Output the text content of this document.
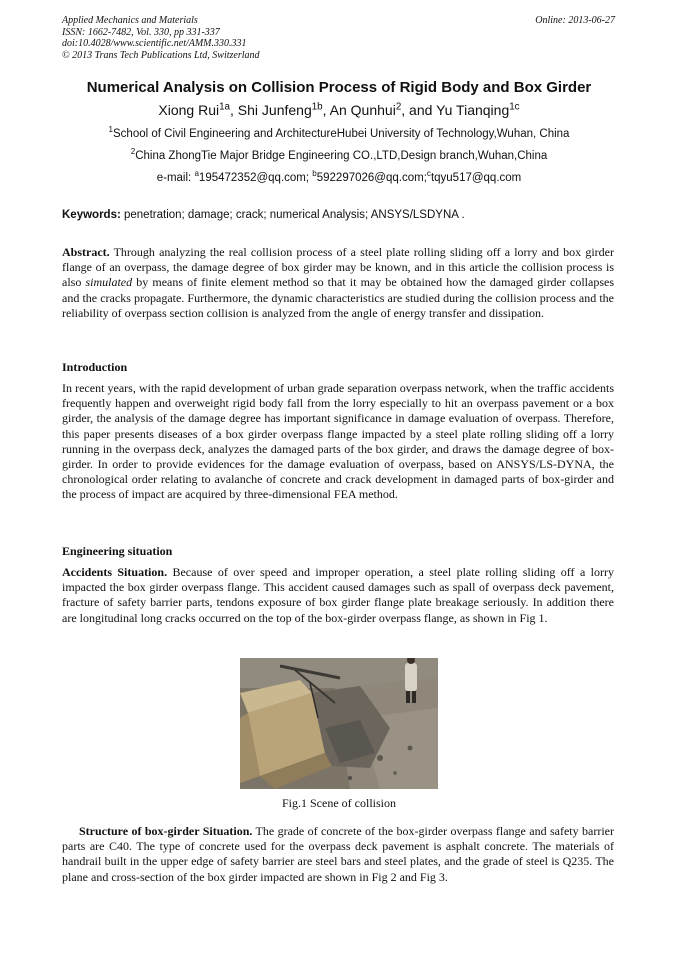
Applied Mechanics and Materials
ISSN: 1662-7482, Vol. 330, pp 331-337
doi:10.4028/www.scientific.net/AMM.330.331
© 2013 Trans Tech Publications Ltd, Switzerland
Online: 2013-06-27
Numerical Analysis on Collision Process of Rigid Body and Box Girder
Xiong Rui$^{1a}$, Shi Junfeng$^{1b}$, An Qunhui$^2$, and Yu Tianqing$^{1c}$
$^1$School of Civil Engineering and ArchitectureHubei University of Technology,Wuhan, China
$^2$China ZhongTie Major Bridge Engineering CO.,LTD,Design branch,Wuhan,China
e-mail: $^a$195472352@qq.com; $^b$592297026@qq.com;$^c$tqyu517@qq.com
Keywords: penetration; damage; crack; numerical Analysis; ANSYS/LSDYNA .
Abstract. Through analyzing the real collision process of a steel plate rolling sliding off a lorry and box girder flange of an overpass, the damage degree of box girder may be known, and in this article the collision process is also simulated by means of finite element method so that it may be obtained how the damaged girder collapses and the cracks propagate. Furthermore, the dynamic characteristics are studied during the collision process and the reliability of overpass section collision is analyzed from the angle of energy transfer and dissipation.
Introduction
In recent years, with the rapid development of urban grade separation overpass network, when the traffic accidents frequently happen and overweight rigid body fall from the lorry especially to hit an overpass pavement or a box girder, the analysis of the damage degree has important significance in damage evaluation of overpass. Therefore, this paper presents diseases of a box girder overpass flange impacted by a steel plate rolling sliding off a lorry running in the overpass deck, analyzes the damaged parts of the box girder, and draws the damage degree of box-girder. In order to provide evidences for the damage evaluation of overpass, based on ANSYS/LS-DYNA, the chronological order relating to avalanche of concrete and crack development in damaged parts of box-girder and the process of impact are acquired by three-dimensional FEA method.
Engineering situation
Accidents Situation. Because of over speed and improper operation, a steel plate rolling sliding off a lorry impacted the box girder overpass flange. This accident caused damages such as spall of overpass deck pavement, fracture of safety barrier parts, tendons exposure of box girder flange plate breakage seriously. In addition there are longitudinal long cracks occurred on the top of the box-girder overpass flange, as shown in Fig 1.
Fig.1 Scene of collision
Structure of box-girder Situation. The grade of concrete of the box-girder overpass flange and safety barrier parts are C40. The type of concrete used for the overpass deck pavement is asphalt concrete. The materials of handrail built in the upper edge of safety barrier are steel bars and steel plates, and the grade of steel is Q235. The plane and cross-section of the box girder impacted are shown in Fig 2 and Fig 3.
